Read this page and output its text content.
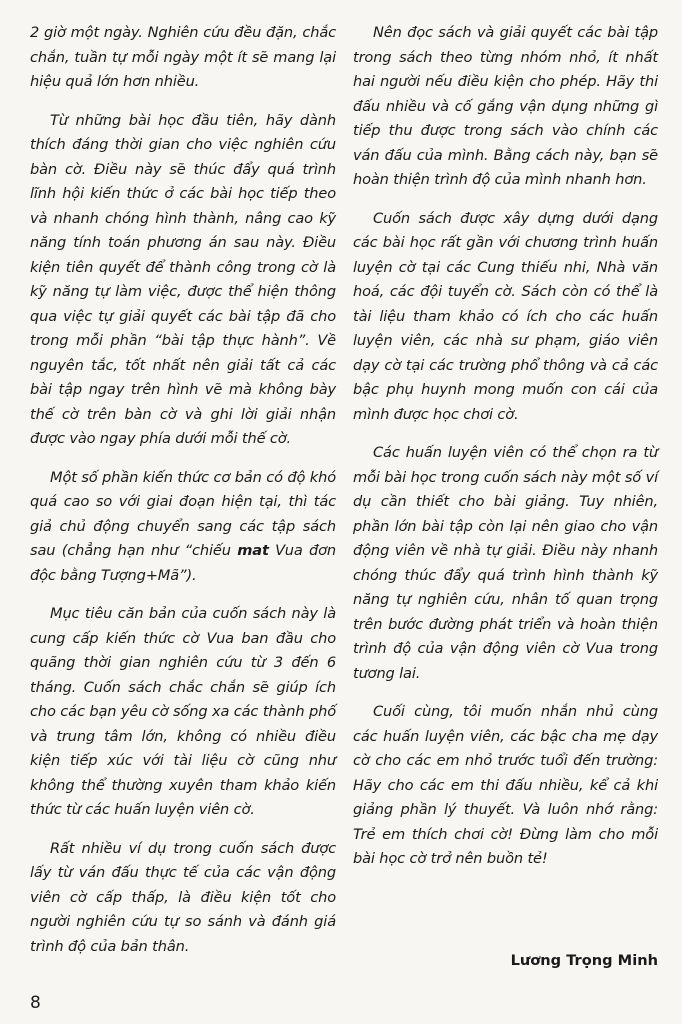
2 giờ một ngày. Nghiên cứu đều đặn, chắc chắn, tuần tự mỗi ngày một ít sẽ mang lại hiệu quả lớn hơn nhiều.

Từ những bài học đầu tiên, hãy dành thích đáng thời gian cho việc nghiên cứu bàn cờ. Điều này sẽ thúc đẩy quá trình lĩnh hội kiến thức ở các bài học tiếp theo và nhanh chóng hình thành, nâng cao kỹ năng tính toán phương án sau này. Điều kiện tiên quyết để thành công trong cờ là kỹ năng tự làm việc, được thể hiện thông qua việc tự giải quyết các bài tập đã cho trong mỗi phần “bài tập thực hành”. Về nguyên tắc, tốt nhất nên giải tất cả các bài tập ngay trên hình vẽ mà không bày thế cờ trên bàn cờ và ghi lời giải nhận được vào ngay phía dưới mỗi thế cờ.

Một số phần kiến thức cơ bản có độ khó quá cao so với giai đoạn hiện tại, thì tác giả chủ động chuyển sang các tập sách sau (chẳng hạn như “chiếu mat Vua đơn độc bằng Tượng+Mã”).

Mục tiêu căn bản của cuốn sách này là cung cấp kiến thức cờ Vua ban đầu cho quãng thời gian nghiên cứu từ 3 đến 6 tháng. Cuốn sách chắc chắn sẽ giúp ích cho các bạn yêu cờ sống xa các thành phố và trung tâm lớn, không có nhiều điều kiện tiếp xúc với tài liệu cờ cũng như không thể thường xuyên tham khảo kiến thức từ các huấn luyện viên cờ.

Rất nhiều ví dụ trong cuốn sách được lấy từ ván đấu thực tế của các vận động viên cờ cấp thấp, là điều kiện tốt cho người nghiên cứu tự so sánh và đánh giá trình độ của bản thân.

Nên đọc sách và giải quyết các bài tập trong sách theo từng nhóm nhỏ, ít nhất hai người nếu điều kiện cho phép. Hãy thi đấu nhiều và cố gắng vận dụng những gì tiếp thu được trong sách vào chính các ván đấu của mình. Bằng cách này, bạn sẽ hoàn thiện trình độ của mình nhanh hơn.

Cuốn sách được xây dựng dưới dạng các bài học rất gần với chương trình huấn luyện cờ tại các Cung thiếu nhi, Nhà văn hoá, các đội tuyển cờ. Sách còn có thể là tài liệu tham khảo có ích cho các huấn luyện viên, các nhà sư phạm, giáo viên dạy cờ tại các trường phổ thông và cả các bậc phụ huynh mong muốn con cái của mình được học chơi cờ.

Các huấn luyện viên có thể chọn ra từ mỗi bài học trong cuốn sách này một số ví dụ cần thiết cho bài giảng. Tuy nhiên, phần lớn bài tập còn lại nên giao cho vận động viên về nhà tự giải. Điều này nhanh chóng thúc đẩy quá trình hình thành kỹ năng tự nghiên cứu, nhân tố quan trọng trên bước đường phát triển và hoàn thiện trình độ của vận động viên cờ Vua trong tương lai.

Cuối cùng, tôi muốn nhắn nhủ cùng các huấn luyện viên, các bậc cha mẹ dạy cờ cho các em nhỏ trước tuổi đến trường: Hãy cho các em thi đấu nhiều, kể cả khi giảng phần lý thuyết. Và luôn nhớ rằng: Trẻ em thích chơi cờ! Đừng làm cho mỗi bài học cờ trở nên buồn tẻ!

Lương Trọng Minh
8
